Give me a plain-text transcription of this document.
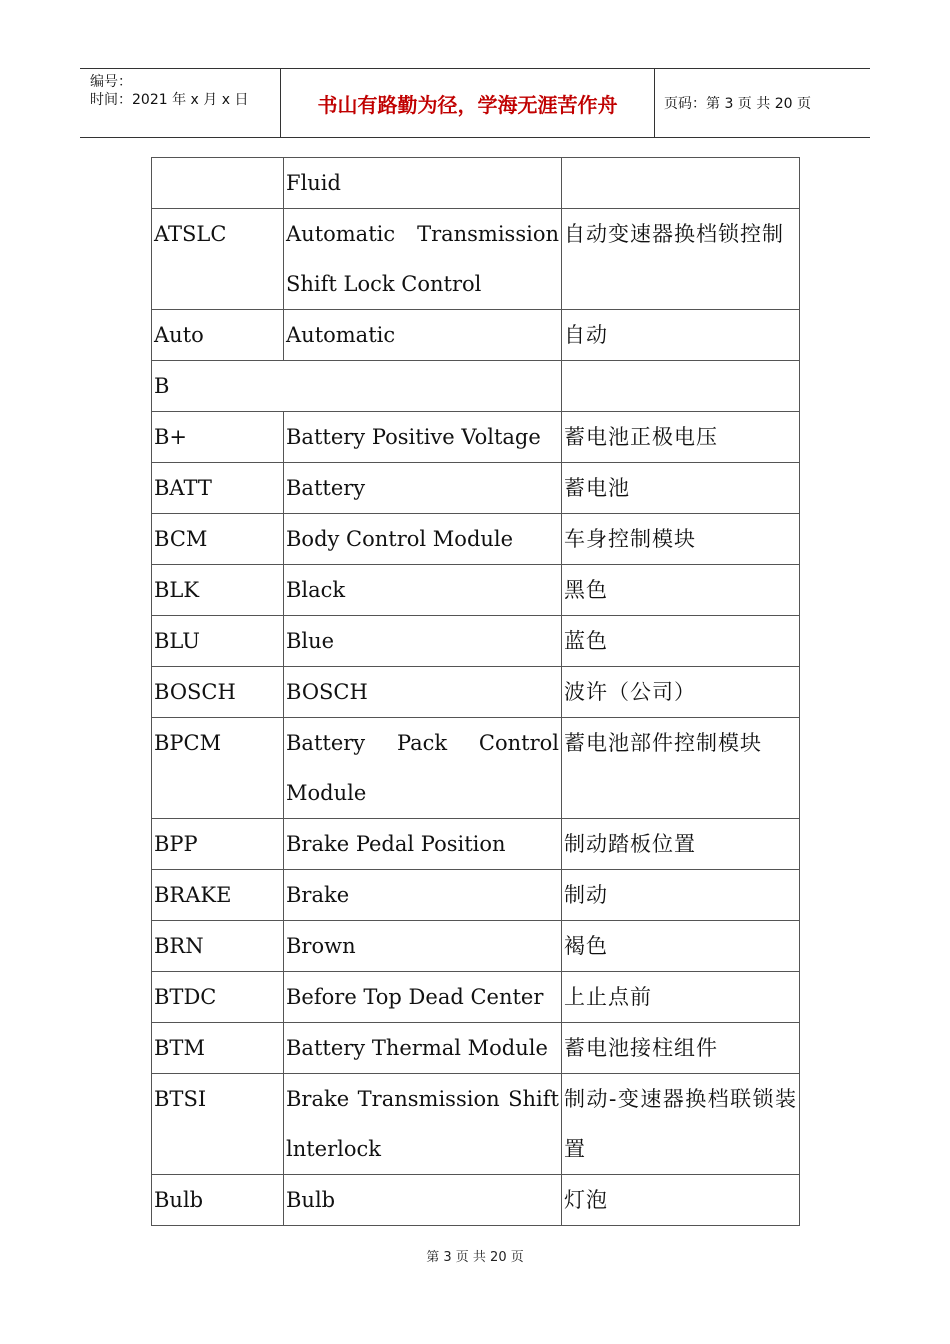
编号：
时间：2021 年 x 月 x 日	书山有路勤为径，学海无涯苦作舟	页码：第 3 页 共 20 页
	Fluid	
ATSLC	Automatic Transmission Shift Lock Control	自动变速器换档锁控制
Auto	Automatic	自动
B		
B+	Battery Positive Voltage	蓄电池正极电压
BATT	Battery	蓄电池
BCM	Body Control Module	车身控制模块
BLK	Black	黑色
BLU	Blue	蓝色
BOSCH	BOSCH	波许（公司）
BPCM	Battery Pack Control Module	蓄电池部件控制模块
BPP	Brake Pedal Position	制动踏板位置
BRAKE	Brake	制动
BRN	Brown	褐色
BTDC	Before Top Dead Center	上止点前
BTM	Battery Thermal Module	蓄电池接柱组件
BTSI	Brake Transmission Shift lnterlock	制动-变速器换档联锁装置
Bulb	Bulb	灯泡
第 3 页 共 20 页
